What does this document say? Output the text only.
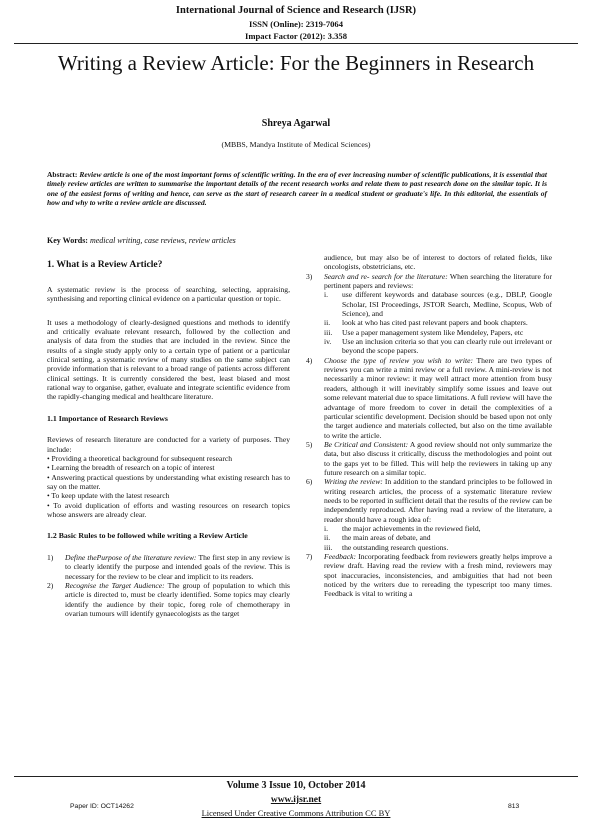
International Journal of Science and Research (IJSR)
ISSN (Online): 2319-7064
Impact Factor (2012): 3.358
Writing a Review Article: For the Beginners in Research
Shreya Agarwal
(MBBS, Mandya Institute of Medical Sciences)
Abstract: Review article is one of the most important forms of scientific writing. In the era of ever increasing number of scientific publications, it is essential that timely review articles are written to summarise the important details of the recent research works and relate them to past research done on the similar topic. It is one of the easiest forms of writing and hence, can serve as the start of research career in a medical student or graduate's life. In this editorial, the essentials of how and why to write a review article are discussed.
Key Words: medical writing, case reviews, review articles
1. What is a Review Article?

A systematic review is the process of searching, selecting, appraising, synthesising and reporting clinical evidence on a particular question or topic.

It uses a methodology of clearly-designed questions and methods to identify and critically evaluate relevant research, followed by the collection and analysis of data from the studies that are included in the review. Since the results of a single study apply only to a certain type of patient or a particular clinical setting, a systematic review of many studies on the same subject can provide information that is relevant to a broad range of patients across different clinical settings. It is currently considered the best, least biased and most rational way to organise, gather, evaluate and integrate scientific evidence from the rapidly-changing medical and healthcare literature.

1.1 Importance of Research Reviews

Reviews of research literature are conducted for a variety of purposes. They include:

• Providing a theoretical background for subsequent research

• Learning the breadth of research on a topic of interest

• Answering practical questions by understanding what existing research has to say on the matter.

• To keep update with the latest research

• To avoid duplication of efforts and wasting resources on research topics whose answers are already clear.

1.2 Basic Rules to be followed while writing a Review Article
1) Define thePurpose of the literature review: The first step in any review is to clearly identify the purpose and intended goals of the review. This is necessary for the review to be clear and implicit to its readers.
2) Recognise the Target Audience: The group of population to which this article is directed to, must be clearly identified. Some topics may clearly identify the audience by their topic, foreg role of chemotherapy in ovarian tumours will identify gynaecologists as the target

audience, but may also be of interest to doctors of related fields, like oncologists, obstetricians, etc.

3) Search and re- search for the literature: When searching the literature for pertinent papers and reviews:
i. use different keywords and database sources (e.g., DBLP, Google Scholar, ISI Proceedings, JSTOR Search, Medline, Scopus, Web of Science), and
ii. look at who has cited past relevant papers and book chapters.
iii. Use a paper management system like Mendeley, Papers, etc
iv. Use an inclusion criteria so that you can clearly rule out irrelevant or beyond the scope papers.
4) Choose the type of review you wish to write: There are two types of reviews you can write a mini review or a full review. A mini-review is not necessarily a minor review: it may well attract more attention from busy readers, although it will inevitably simplify some issues and leave out some relevant material due to space limitations. A full review will have the advantage of more freedom to cover in detail the complexities of a particular scientific development. Decision should be based upon not only the target audience and materials collected, but also on the time available to write the article.
5) Be Critical and Consistent: A good review should not only summarize the data, but also discuss it critically, discuss the methodologies and point out to the gaps yet to be filled. This will help the reviewers in taking up any future research on a similar topic.
6) Writing the review: In addition to the standard principles to be followed in writing research articles, the process of a systematic literature review needs to be reported in sufficient detail that the results of the review can be independently reproduced. After having read a review of the literature, a reader should have a rough idea of:
i. the major achievements in the reviewed field,
ii. the main areas of debate, and
iii. the outstanding research questions.
7) Feedback: Incorporating feedback from reviewers greatly helps improve a review draft. Having read the review with a fresh mind, reviewers may spot inaccuracies, inconsistencies, and ambiguities that had not been noticed by the writers due to rereading the typescript too many times. Feedback is vital to writing a
Volume 3 Issue 10, October 2014
Paper ID: OCT14262
www.ijsr.net
Licensed Under Creative Commons Attribution CC BY
813
